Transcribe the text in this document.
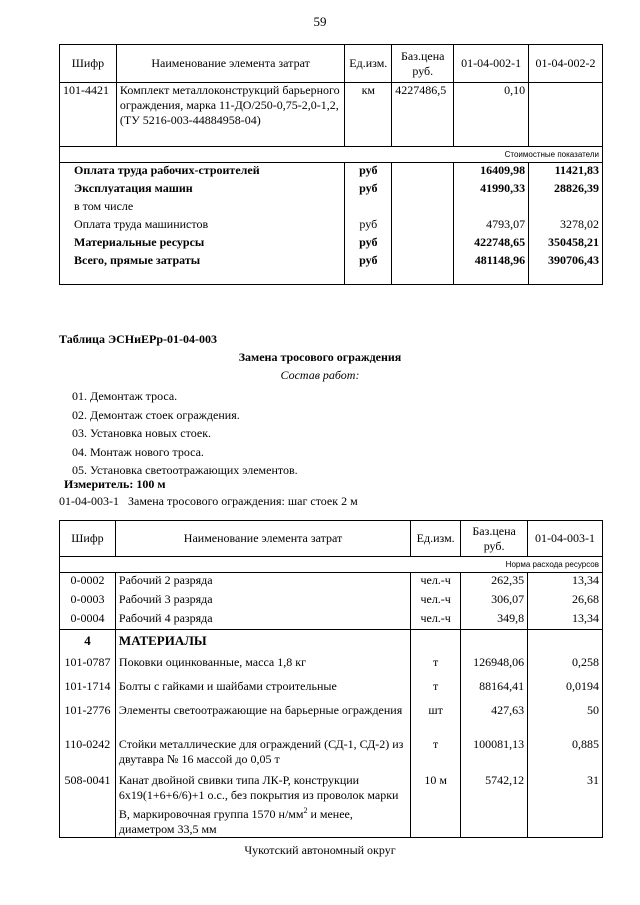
59
Шифр	Наименование элемента затрат	Ед.изм.	Баз.цена руб.	01-04-002-1	01-04-002-2
101-4421	Комплект металлоконструкций барьерного ограждения, марка 11-ДО/250-0,75-2,0-1,2, (ТУ 5216-003-44884958-04)	км	4227486,5	0,10	
Стоимостные показатели					
Оплата труда рабочих-строителей		руб		16409,98	11421,83
Эксплуатация машин		руб		41990,33	28826,39
в том числе					
Оплата труда машинистов		руб		4793,07	3278,02
Материальные ресурсы		руб		422748,65	350458,21
Всего, прямые затраты		руб		481148,96	390706,43
Таблица ЭСНиЕРр-01-04-003
Замена тросового ограждения
Состав работ:
01. Демонтаж троса.
02. Демонтаж стоек ограждения.
03. Установка новых стоек.
04. Монтаж нового троса.
05. Установка светоотражающих элементов.
Измеритель: 100 м
01-04-003-1   Замена тросового ограждения: шаг стоек 2 м
Шифр	Наименование элемента затрат	Ед.изм.	Баз.цена руб.	01-04-003-1
Норма расхода ресурсов				
0-0002	Рабочий 2 разряда	чел.-ч	262,35	13,34
0-0003	Рабочий 3 разряда	чел.-ч	306,07	26,68
0-0004	Рабочий 4 разряда	чел.-ч	349,8	13,34
4	МАТЕРИАЛЫ			
101-0787	Поковки оцинкованные, масса 1,8 кг	т	126948,06	0,258
101-1714	Болты с гайками и шайбами строительные	т	88164,41	0,0194
101-2776	Элементы светоотражающие на барьерные ограждения	шт	427,63	50
110-0242	Стойки металлические для ограждений (СД-1, СД-2) из двутавра № 16 массой до 0,05 т	т	100081,13	0,885
508-0041	Канат двойной свивки типа ЛК-Р, конструкции 6х19(1+6+6/6)+1 о.с., без покрытия из проволок марки В, маркировочная группа 1570 $н/мм^2$ и менее, диаметром 33,5 мм	10 м	5742,12	31
Чукотский автономный округ
